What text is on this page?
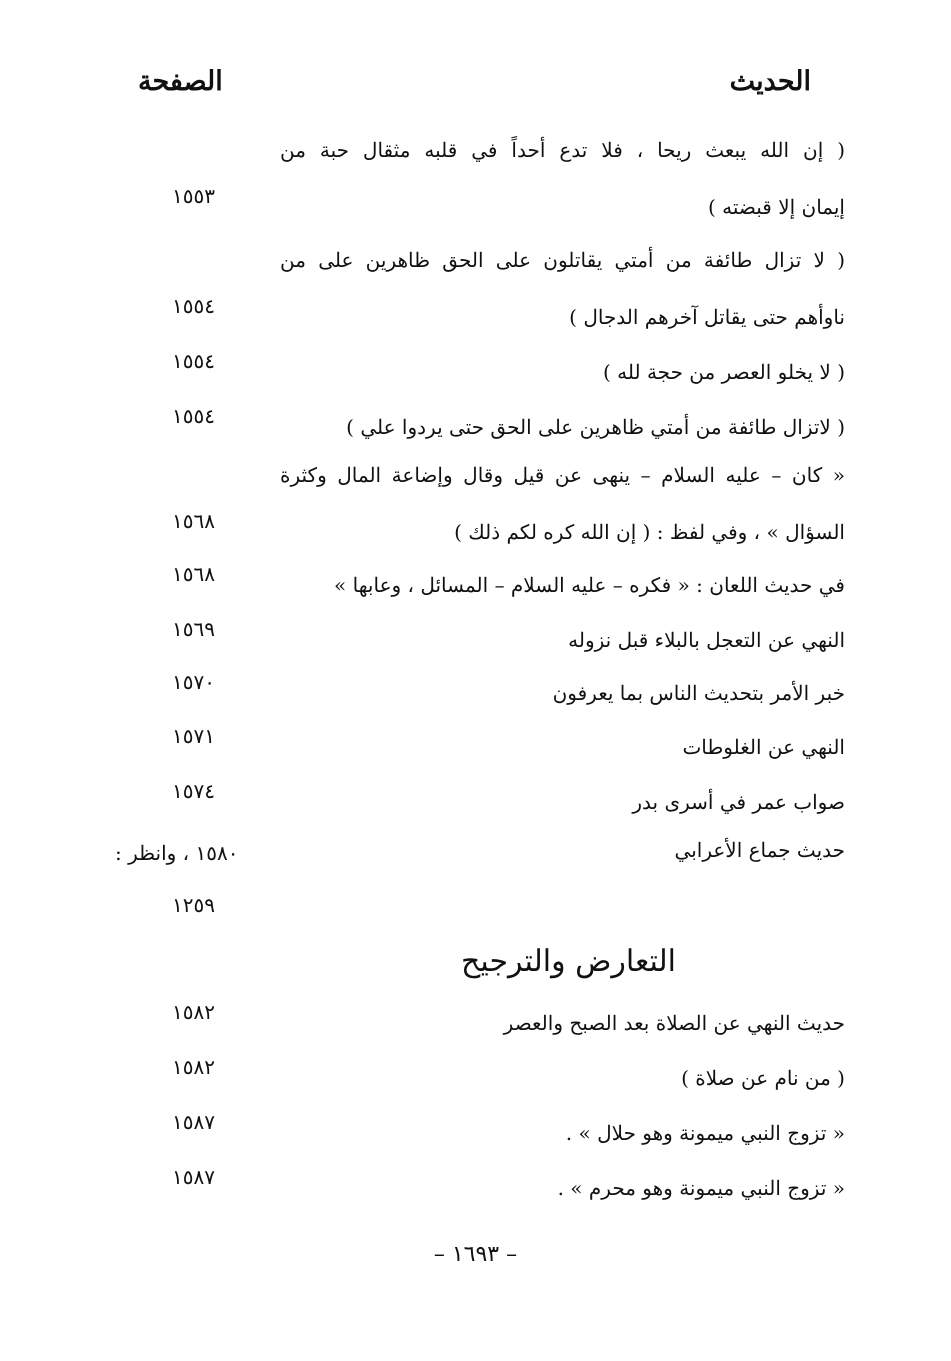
الحديث
الصفحة
( إن الله يبعث ريحا ، فلا تدع أحداً في قلبه مثقال حبة من
إيمان إلا قبضته )
١٥٥٣
( لا تزال طائفة من أمتي يقاتلون على الحق ظاهرين على من
ناوأهم حتى يقاتل آخرهم الدجال )
١٥٥٤
( لا يخلو العصر من حجة لله )
١٥٥٤
( لاتزال طائفة من أمتي ظاهرين على الحق حتى يردوا علي )
١٥٥٤
« كان – عليه السلام – ينهى عن قيل وقال وإضاعة المال وكثرة
السؤال » ، وفي لفظ : ( إن الله كره لكم ذلك )
١٥٦٨
في حديث اللعان : « فكره – عليه السلام – المسائل ، وعابها »
١٥٦٨
النهي عن التعجل بالبلاء قبل نزوله
١٥٦٩
خبر الأمر بتحديث الناس بما يعرفون
١٥٧٠
النهي عن الغلوطات
١٥٧١
صواب عمر في أسرى بدر
١٥٧٤
حديث جماع الأعرابي
١٥٨٠ ، وانظر :
١٢٥٩
التعارض والترجيح
حديث النهي عن الصلاة بعد الصبح والعصر
١٥٨٢
( من نام عن صلاة )
١٥٨٢
« تزوج النبي ميمونة وهو حلال » .
١٥٨٧
« تزوج النبي ميمونة وهو محرم » .
١٥٨٧
– ١٦٩٣ –
